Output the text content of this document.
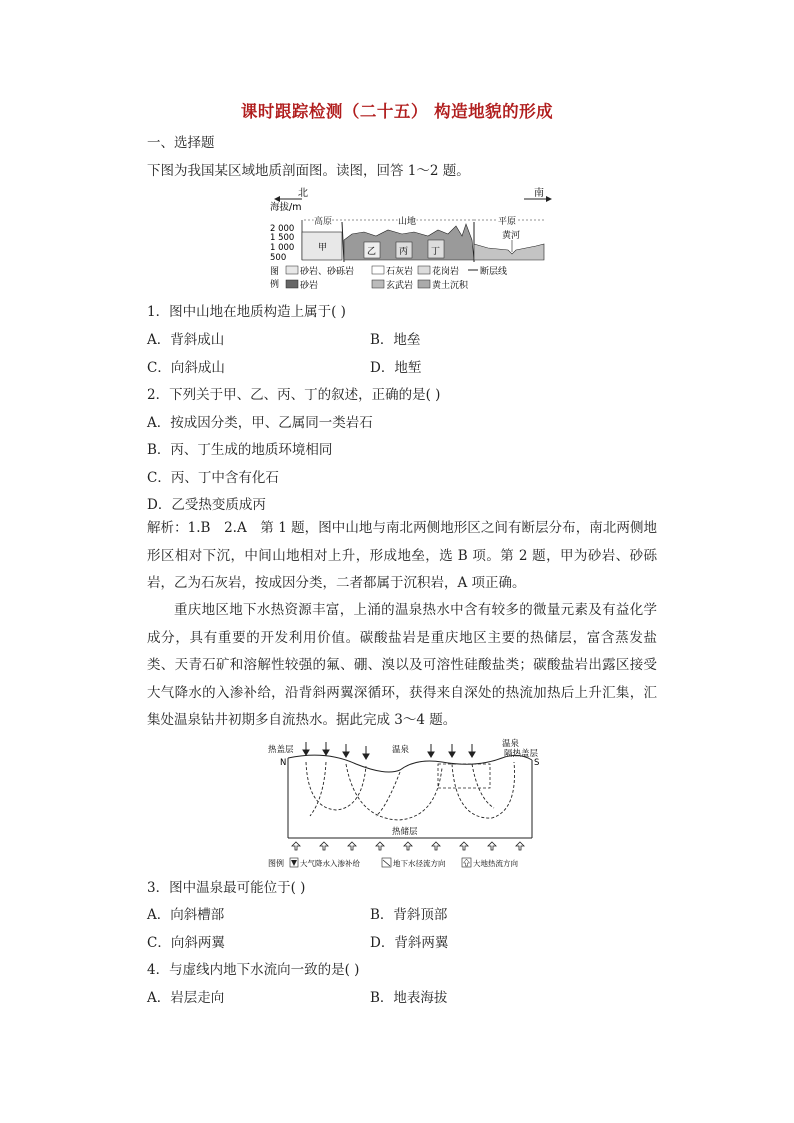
课时跟踪检测（二十五） 构造地貌的形成
一、选择题
下图为我国某区域地质剖面图。读图，回答 1～2 题。
北	南
海拔/m
2 000
1 500
1 000
500
高原	山地	平原
甲	乙	丙	丁
黄河
图
例
砂岩、砂砾岩	石灰岩 花岗岩 断层线
砂岩	玄武岩 黄土沉积
1．图中山地在地质构造上属于( )
A．背斜成山	B．地垒
C．向斜成山	D．地堑
2．下列关于甲、乙、丙、丁的叙述，正确的是( )
A．按成因分类，甲、乙属同一类岩石
B．丙、丁生成的地质环境相同
C．丙、丁中含有化石
D．乙受热变质成丙
解析：1.B　2.A　第 1 题，图中山地与南北两侧地形区之间有断层分布，南北两侧地形区相对下沉，中间山地相对上升，形成地垒，选 B 项。第 2 题，甲为砂岩、砂砾岩，乙为石灰岩，按成因分类，二者都属于沉积岩，A 项正确。
重庆地区地下水热资源丰富，上涌的温泉热水中含有较多的微量元素及有益化学成分，具有重要的开发利用价值。碳酸盐岩是重庆地区主要的热储层，富含蒸发盐类、天青石矿和溶解性较强的氟、硼、溴以及可溶性硅酸盐类；碳酸盐岩出露区接受大气降水的入渗补给，沿背斜两翼深循环，获得来自深处的热流加热后上升汇集，汇集处温泉钻井初期多自流热水。据此完成 3～4 题。
热盖层	温泉
温泉
隔热盖层
N	S
热储层
图例 大气降水入渗补给	地下水径流方向	大地热流方向
3．图中温泉最可能位于( )
A．向斜槽部	B．背斜顶部
C．向斜两翼	D．背斜两翼
4．与虚线内地下水流向一致的是( )
A．岩层走向	B．地表海拔
